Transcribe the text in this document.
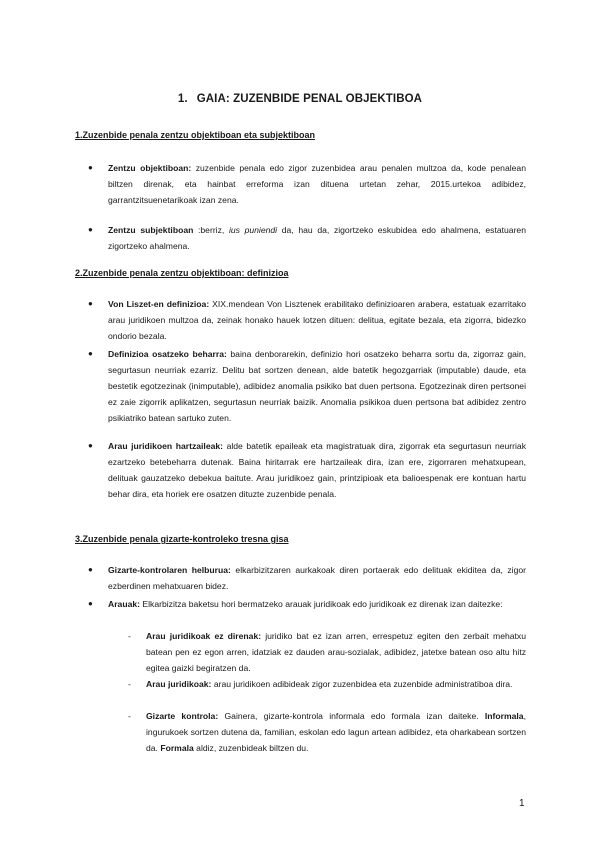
1. GAIA: ZUZENBIDE PENAL OBJEKTIBOA
1.Zuzenbide penala zentzu objektiboan eta subjektiboan
●	Zentzu objektiboan: zuzenbide penala edo zigor zuzenbidea arau penalen multzoa da, kode penalean biltzen direnak, eta hainbat erreforma izan dituena urtetan zehar, 2015.urtekoa adibidez, garrantzitsuenetarikoak izan zena.
●	Zentzu subjektiboan :berriz, ius puniendi da, hau da, zigortzeko eskubidea edo ahalmena, estatuaren zigortzeko ahalmena.
2.Zuzenbide penala zentzu objektiboan: definizioa
●	Von Liszet-en definizioa: XIX.mendean Von Lisztenek erabilitako definizioaren arabera, estatuak ezarritako arau juridikoen multzoa da, zeinak honako hauek lotzen dituen: delitua, egitate bezala, eta zigorra, bidezko ondorio bezala.
●	Definizioa osatzeko beharra: baina denborarekin, definizio hori osatzeko beharra sortu da, zigorraz gain, segurtasun neurriak ezarriz. Delitu bat sortzen denean, alde batetik hegozgarriak (imputable) daude, eta bestetik egotzezinak (inimputable), adibidez anomalia psikiko bat duen pertsona. Egotzezinak diren pertsonei ez zaie zigorrik aplikatzen, segurtasun neurriak baizik. Anomalia psikikoa duen pertsona bat adibidez zentro psikiatriko batean sartuko zuten.
●	Arau juridikoen hartzaileak: alde batetik epaileak eta magistratuak dira, zigorrak eta segurtasun neurriak ezartzeko betebeharra dutenak. Baina hiritarrak ere hartzaileak dira, izan ere, zigorraren mehatxupean, delituak gauzatzeko debekua baitute. Arau juridikoez gain, printzipioak eta balioespenak ere kontuan hartu behar dira, eta horiek ere osatzen dituzte zuzenbide penala.
3.Zuzenbide penala gizarte-kontroleko tresna gisa
●	Gizarte-kontrolaren helburua: elkarbizitzaren aurkakoak diren portaerak edo delituak ekiditea da, zigor ezberdinen mehatxuaren bidez.
●	Arauak: Elkarbizitza baketsu hori bermatzeko arauak juridikoak edo juridikoak ez direnak izan daitezke:
- Arau juridikoak ez direnak: juridiko bat ez izan arren, errespetuz egiten den zerbait mehatxu batean pen ez egon arren, idatziak ez dauden arau-sozialak, adibidez, jatetxe batean oso altu hitz egitea gaizki begiratzen da.
- Arau juridikoak: arau juridikoen adibideak zigor zuzenbidea eta zuzenbide administratiboa dira.
- Gizarte kontrola: Gainera, gizarte-kontrola informala edo formala izan daiteke. Informala, ingurukoek sortzen dutena da, familian, eskolan edo lagun artean adibidez, eta oharkabean sortzen da. Formala aldiz, zuzenbideak biltzen du.
1
